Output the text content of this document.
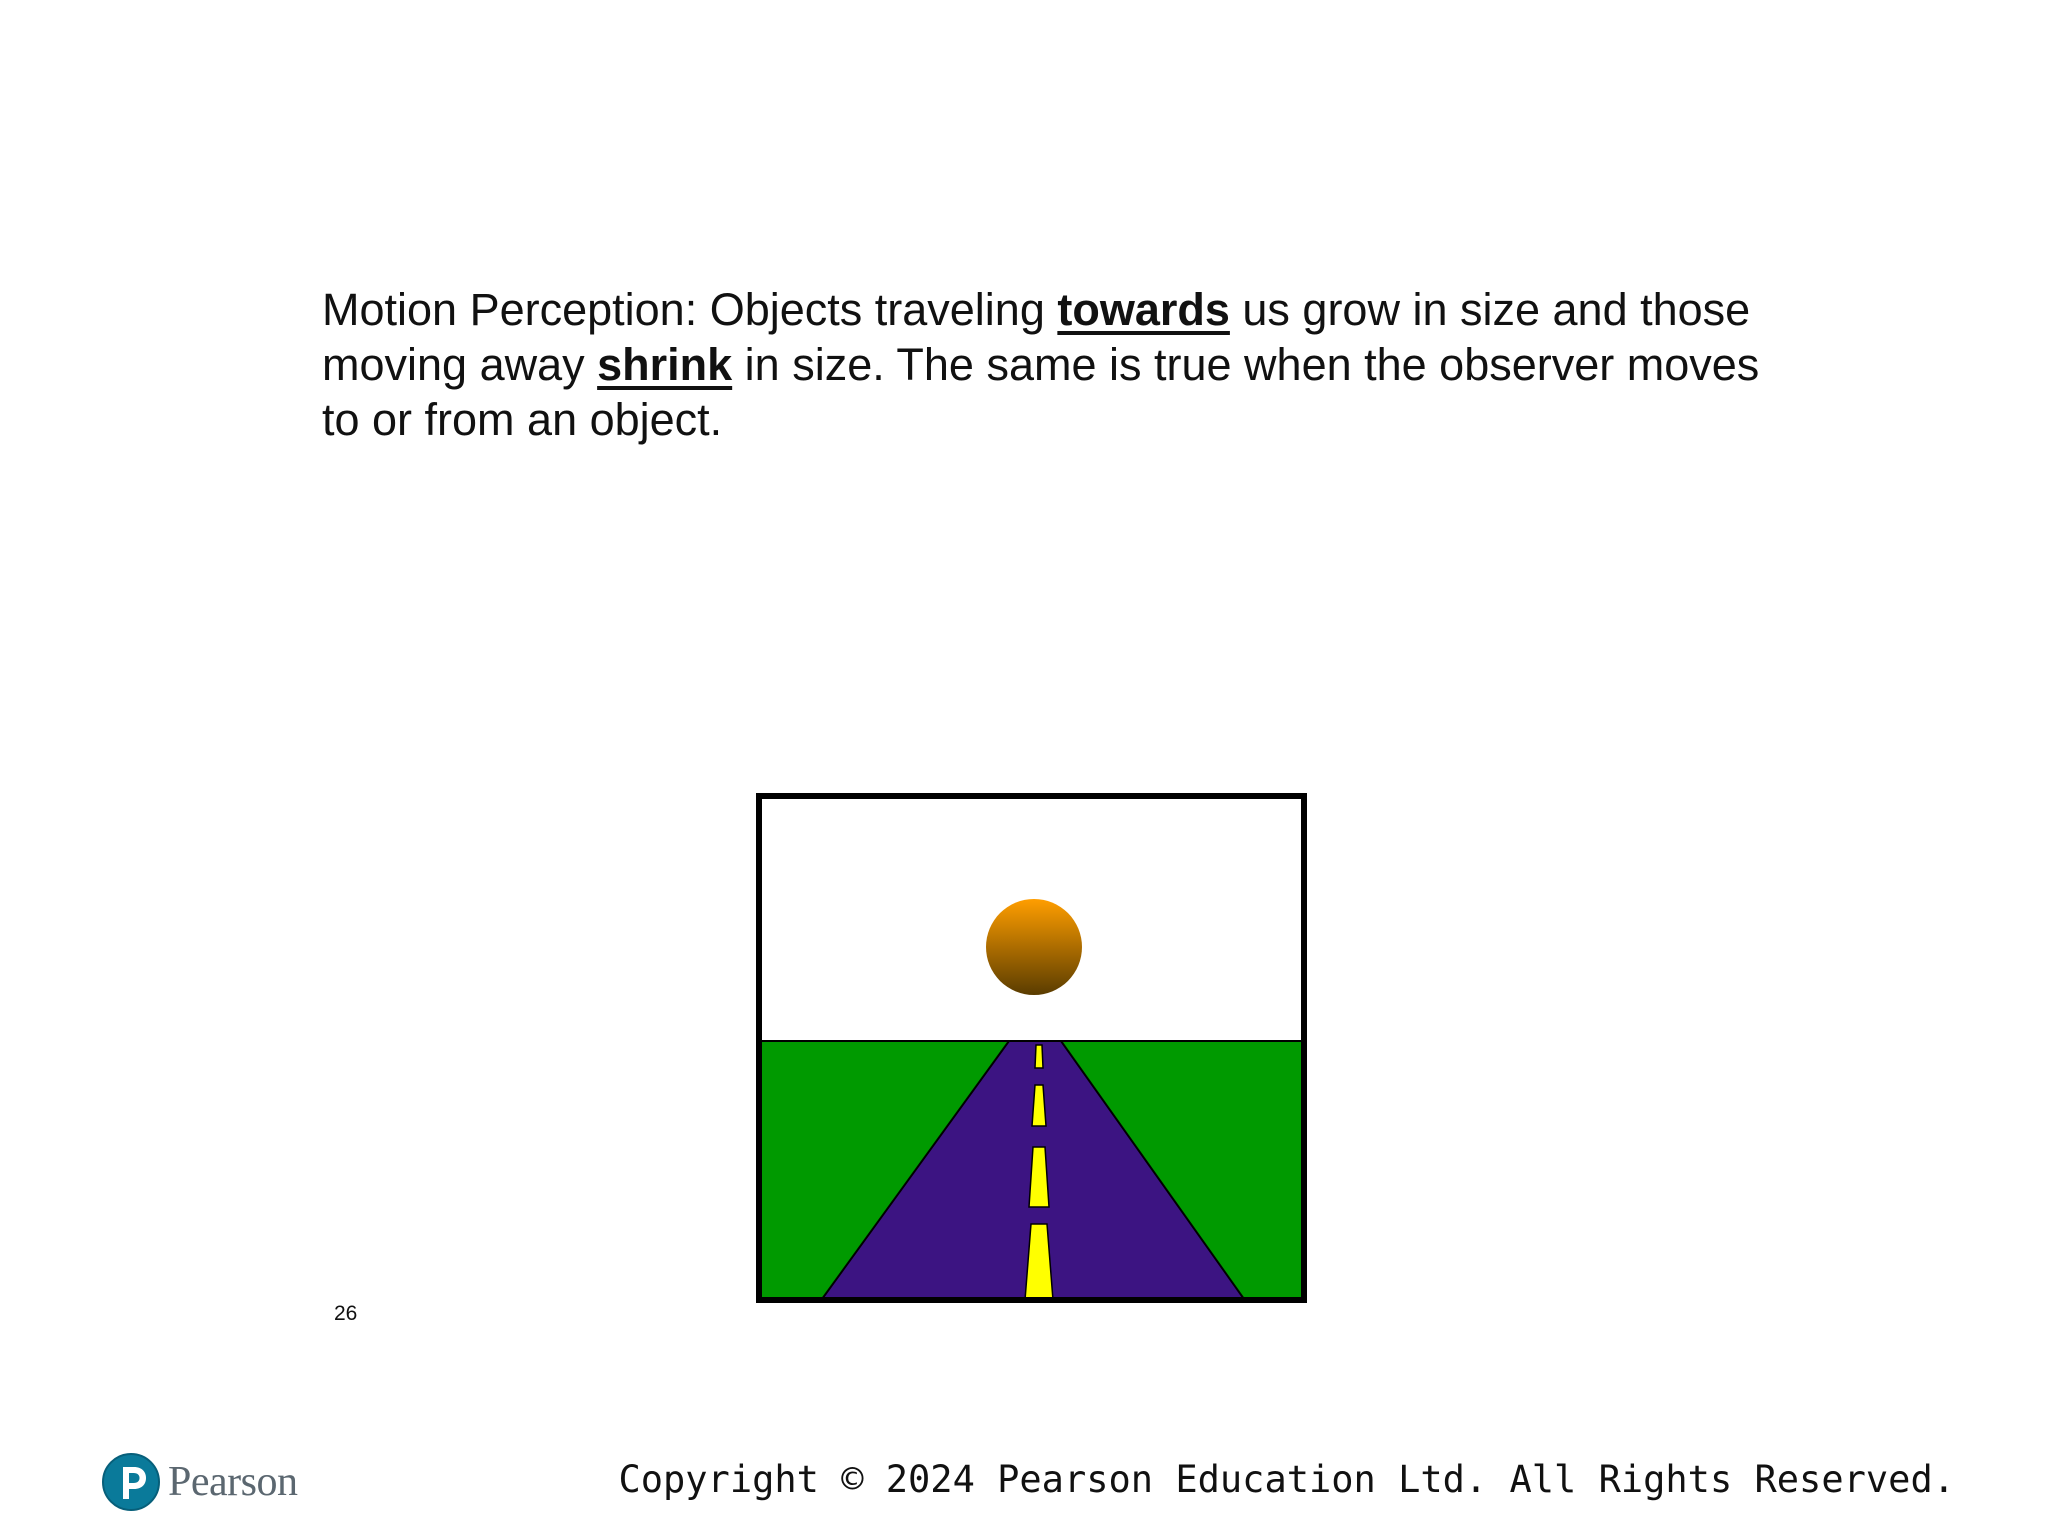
Motion Perception: Objects traveling towards us grow in size and those moving away shrink in size. The same is true when the observer moves to or from an object.
26
Pearson	Copyright © 2024 Pearson Education Ltd. All Rights Reserved.
